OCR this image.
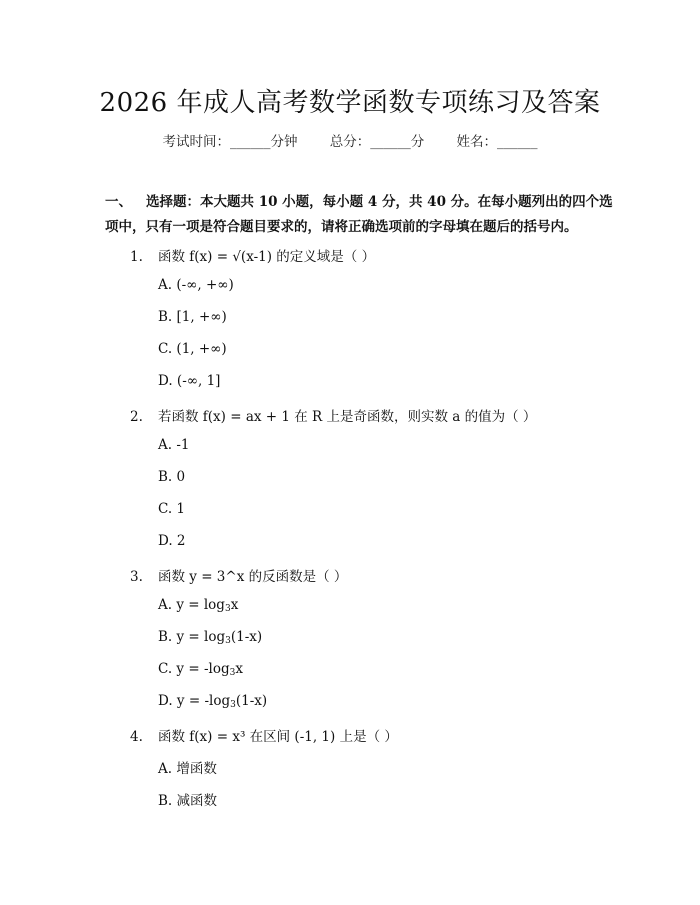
2026 年成人高考数学函数专项练习及答案
考试时间：______分钟 总分：______分 姓名：______
一、 选择题：本大题共 10 小题，每小题 4 分，共 40 分。在每小题列出的四个选项中，只有一项是符合题目要求的，请将正确选项前的字母填在题后的括号内。
1. 函数 f(x) = √(x-1) 的定义域是（ ）
A. (-∞, +∞)
B. [1, +∞)
C. (1, +∞)
D. (-∞, 1]
2. 若函数 f(x) = ax + 1 在 R 上是奇函数，则实数 a 的值为（ ）
A. -1
B. 0
C. 1
D. 2
3. 函数 y = 3^x 的反函数是（ ）
A. $y = \log_3x$
B. $y = \log_3(1-x)$
C. $y = -\log_3x$
D. $y = -\log_3(1-x)$
4. 函数 f(x) = x³ 在区间 (-1, 1) 上是（ ）
A. 增函数
B. 减函数
